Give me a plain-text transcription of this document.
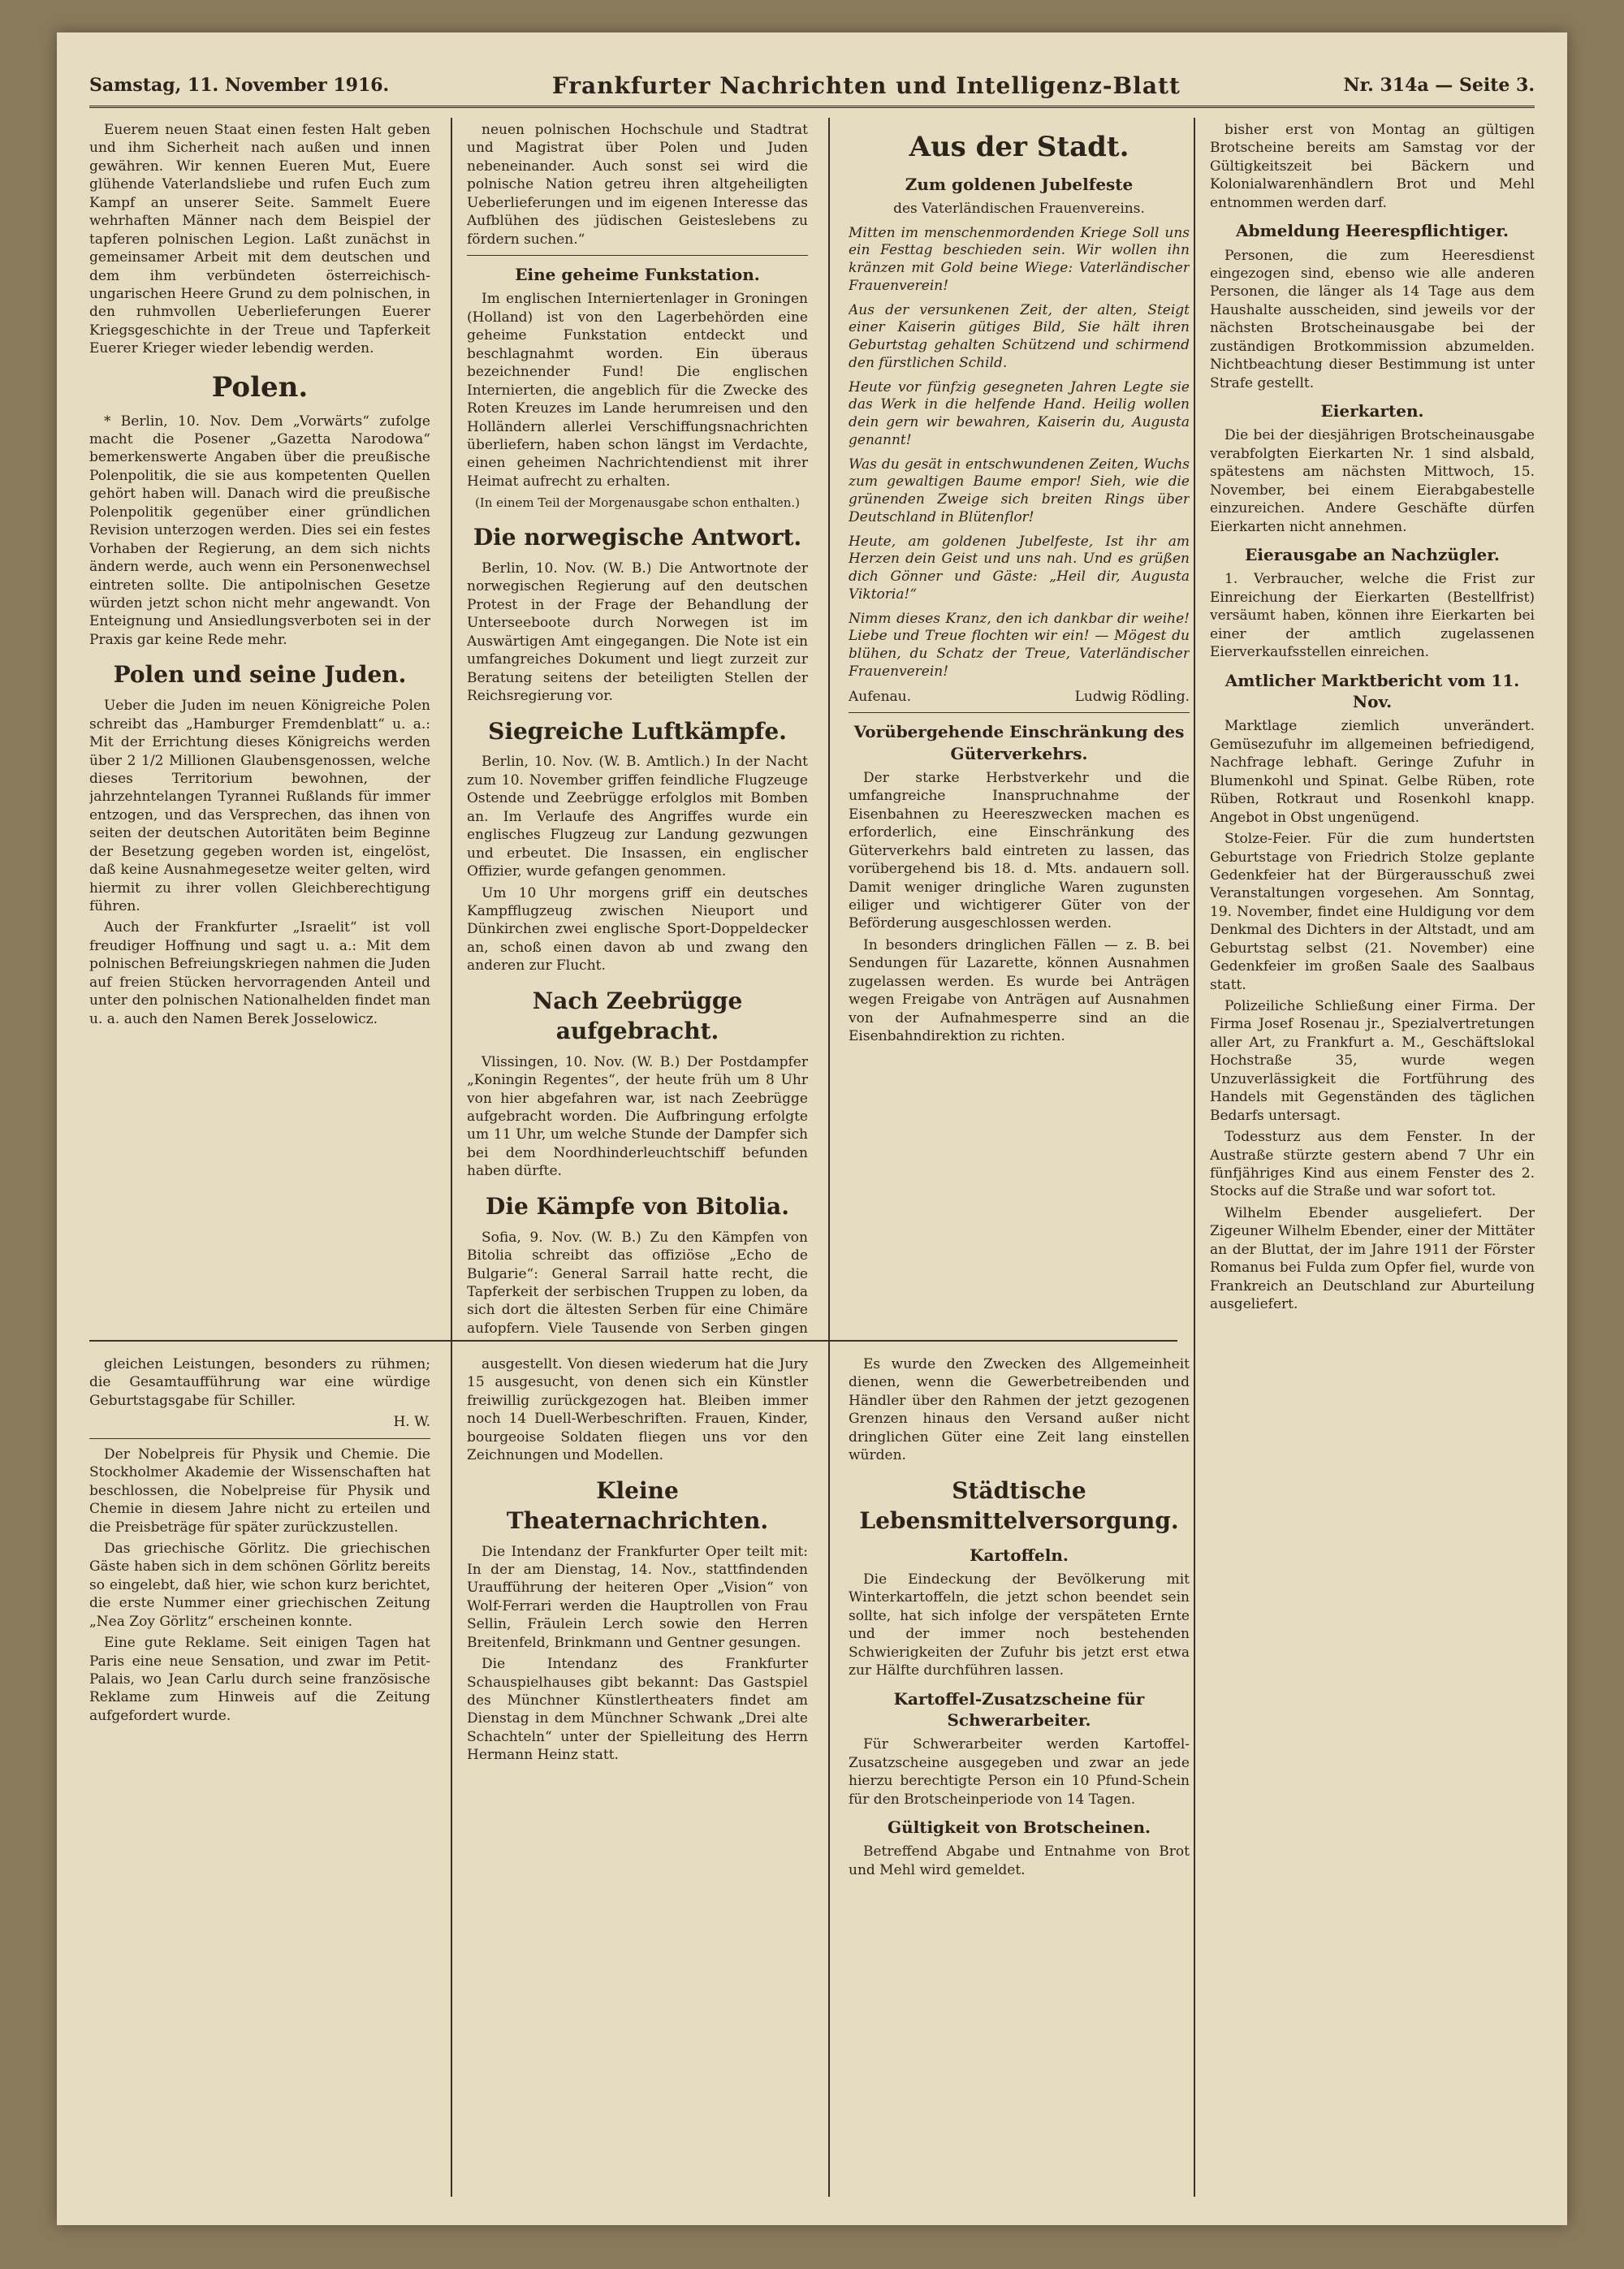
Samstag, 11. November 1916.	Frankfurter Nachrichten und Intelligenz-Blatt	Nr. 314a — Seite 3.

Euerem neuen Staat einen festen Halt geben und ihm Sicherheit nach außen und innen gewähren. Wir kennen Eueren Mut, Euere glühende Vaterlandsliebe und rufen Euch zum Kampf an unserer Seite. Sammelt Euere wehrhaften Männer nach dem Beispiel der tapferen polnischen Legion. Laßt zunächst in gemeinsamer Arbeit mit dem deutschen und dem ihm verbündeten österreichisch-ungarischen Heere Grund zu dem polnischen, in den ruhmvollen Ueberlieferungen Euerer Kriegsgeschichte in der Treue und Tapferkeit Euerer Krieger wieder lebendig werden.

Polen.

* Berlin, 10. Nov. Dem „Vorwärts“ zufolge macht die Posener „Gazetta Narodowa“ bemerkenswerte Angaben über die preußische Polenpolitik, die sie aus kompetenten Quellen gehört haben will. Danach wird die preußische Polenpolitik gegenüber einer gründlichen Revision unterzogen werden. Dies sei ein festes Vorhaben der Regierung, an dem sich nichts ändern werde, auch wenn ein Personenwechsel eintreten sollte. Die antipolnischen Gesetze würden jetzt schon nicht mehr angewandt. Von Enteignung und Ansiedlungsverboten sei in der Praxis gar keine Rede mehr.

Polen und seine Juden.

Ueber die Juden im neuen Königreiche Polen schreibt das „Hamburger Fremdenblatt“ u. a.: Mit der Errichtung dieses Königreichs werden über 2 1/2 Millionen Glaubensgenossen, welche dieses Territorium bewohnen, der jahrzehntelangen Tyrannei Rußlands für immer entzogen, und das Versprechen, das ihnen von seiten der deutschen Autoritäten beim Beginne der Besetzung gegeben worden ist, eingelöst, daß keine Ausnahmegesetze weiter gelten, wird hiermit zu ihrer vollen Gleichberechtigung führen.

Auch der Frankfurter „Israelit“ ist voll freudiger Hoffnung und sagt u. a.: Mit dem polnischen Befreiungskriegen nahmen die Juden auf freien Stücken hervorragenden Anteil und unter den polnischen Nationalhelden findet man u. a. auch den Namen Berek Josselowicz.

neuen polnischen Hochschule und Stadtrat und Magistrat über Polen und Juden nebeneinander. Auch sonst sei wird die polnische Nation getreu ihren altgeheiligten Ueberlieferungen und im eigenen Interesse das Aufblühen des jüdischen Geisteslebens zu fördern suchen.“

Eine geheime Funkstation.

Im englischen Interniertenlager in Groningen (Holland) ist von den Lagerbehörden eine geheime Funkstation entdeckt und beschlagnahmt worden. Ein überaus bezeichnender Fund! Die englischen Internierten, die angeblich für die Zwecke des Roten Kreuzes im Lande herumreisen und den Holländern allerlei Verschiffungsnachrichten überliefern, haben schon längst im Verdachte, einen geheimen Nachrichtendienst mit ihrer Heimat aufrecht zu erhalten.

(In einem Teil der Morgenausgabe schon enthalten.)
Die norwegische Antwort.

Berlin, 10. Nov. (W. B.) Die Antwortnote der norwegischen Regierung auf den deutschen Protest in der Frage der Behandlung der Unterseeboote durch Norwegen ist im Auswärtigen Amt eingegangen. Die Note ist ein umfangreiches Dokument und liegt zurzeit zur Beratung seitens der beteiligten Stellen der Reichsregierung vor.

Siegreiche Luftkämpfe.

Berlin, 10. Nov. (W. B. Amtlich.) In der Nacht zum 10. November griffen feindliche Flugzeuge Ostende und Zeebrügge erfolglos mit Bomben an. Im Verlaufe des Angriffes wurde ein englisches Flugzeug zur Landung gezwungen und erbeutet. Die Insassen, ein englischer Offizier, wurde gefangen genommen.

Um 10 Uhr morgens griff ein deutsches Kampfflugzeug zwischen Nieuport und Dünkirchen zwei englische Sport-Doppeldecker an, schoß einen davon ab und zwang den anderen zur Flucht.

Nach Zeebrügge aufgebracht.

Vlissingen, 10. Nov. (W. B.) Der Postdampfer „Koningin Regentes“, der heute früh um 8 Uhr von hier abgefahren war, ist nach Zeebrügge aufgebracht worden. Die Aufbringung erfolgte um 11 Uhr, um welche Stunde der Dampfer sich bei dem Noordhinderleuchtschiff befunden haben dürfte.

Die Kämpfe von Bitolia.

Sofia, 9. Nov. (W. B.) Zu den Kämpfen von Bitolia schreibt das offiziöse „Echo de Bulgarie“: General Sarrail hatte recht, die Tapferkeit der serbischen Truppen zu loben, da sich dort die ältesten Serben für eine Chimäre aufopfern. Viele Tausende von Serben gingen

Aus der Stadt.
Zum goldenen Jubelfeste
des Vaterländischen Frauenvereins.

Mitten im menschenmordenden Kriege Soll uns ein Festtag beschieden sein. Wir wollen ihn kränzen mit Gold beine Wiege: Vaterländischer Frauenverein!

Aus der versunkenen Zeit, der alten, Steigt einer Kaiserin gütiges Bild, Sie hält ihren Geburtstag gehalten Schützend und schirmend den fürstlichen Schild.

Heute vor fünfzig gesegneten Jahren Legte sie das Werk in die helfende Hand. Heilig wollen dein gern wir bewahren, Kaiserin du, Augusta genannt!

Was du gesät in entschwundenen Zeiten, Wuchs zum gewaltigen Baume empor! Sieh, wie die grünenden Zweige sich breiten Rings über Deutschland in Blütenflor!

Heute, am goldenen Jubelfeste, Ist ihr am Herzen dein Geist und uns nah. Und es grüßen dich Gönner und Gäste: „Heil dir, Augusta Viktoria!“

Nimm dieses Kranz, den ich dankbar dir weihe! Liebe und Treue flochten wir ein! — Mögest du blühen, du Schatz der Treue, Vaterländischer Frauenverein!

Aufenau.	Ludwig Rödling.
Vorübergehende Einschränkung des Güterverkehrs.

Der starke Herbstverkehr und die umfangreiche Inanspruchnahme der Eisenbahnen zu Heereszwecken machen es erforderlich, eine Einschränkung des Güterverkehrs bald eintreten zu lassen, das vorübergehend bis 18. d. Mts. andauern soll. Damit weniger dringliche Waren zugunsten eiliger und wichtigerer Güter von der Beförderung ausgeschlossen werden.

In besonders dringlichen Fällen — z. B. bei Sendungen für Lazarette, können Ausnahmen zugelassen werden. Es wurde bei Anträgen wegen Freigabe von Anträgen auf Ausnahmen von der Aufnahmesperre sind an die Eisenbahndirektion zu richten.

bisher erst von Montag an gültigen Brotscheine bereits am Samstag vor der Gültigkeitszeit bei Bäckern und Kolonialwarenhändlern Brot und Mehl entnommen werden darf.

Abmeldung Heerespflichtiger.

Personen, die zum Heeresdienst eingezogen sind, ebenso wie alle anderen Personen, die länger als 14 Tage aus dem Haushalte ausscheiden, sind jeweils vor der nächsten Brotscheinausgabe bei der zuständigen Brotkommission abzumelden. Nichtbeachtung dieser Bestimmung ist unter Strafe gestellt.

Eierkarten.

Die bei der diesjährigen Brotscheinausgabe verabfolgten Eierkarten Nr. 1 sind alsbald, spätestens am nächsten Mittwoch, 15. November, bei einem Eierabgabestelle einzureichen. Andere Geschäfte dürfen Eierkarten nicht annehmen.

Eierausgabe an Nachzügler.

1. Verbraucher, welche die Frist zur Einreichung der Eierkarten (Bestellfrist) versäumt haben, können ihre Eierkarten bei einer der amtlich zugelassenen Eierverkaufsstellen einreichen.

Amtlicher Marktbericht vom 11. Nov.

Marktlage ziemlich unverändert. Gemüsezufuhr im allgemeinen befriedigend, Nachfrage lebhaft. Geringe Zufuhr in Blumenkohl und Spinat. Gelbe Rüben, rote Rüben, Rotkraut und Rosenkohl knapp. Angebot in Obst ungenügend.

Stolze-Feier. Für die zum hundertsten Geburtstage von Friedrich Stolze geplante Gedenkfeier hat der Bürgerausschuß zwei Veranstaltungen vorgesehen. Am Sonntag, 19. November, findet eine Huldigung vor dem Denkmal des Dichters in der Altstadt, und am Geburtstag selbst (21. November) eine Gedenkfeier im großen Saale des Saalbaus statt.

Polizeiliche Schließung einer Firma. Der Firma Josef Rosenau jr., Spezialvertretungen aller Art, zu Frankfurt a. M., Geschäftslokal Hochstraße 35, wurde wegen Unzuverlässigkeit die Fortführung des Handels mit Gegenständen des täglichen Bedarfs untersagt.

Todessturz aus dem Fenster. In der Austraße stürzte gestern abend 7 Uhr ein fünfjähriges Kind aus einem Fenster des 2. Stocks auf die Straße und war sofort tot.

Wilhelm Ebender ausgeliefert. Der Zigeuner Wilhelm Ebender, einer der Mittäter an der Bluttat, der im Jahre 1911 der Förster Romanus bei Fulda zum Opfer fiel, wurde von Frankreich an Deutschland zur Aburteilung ausgeliefert.

gleichen Leistungen, besonders zu rühmen; die Gesamtaufführung war eine würdige Geburtstagsgabe für Schiller.

H. W.

Der Nobelpreis für Physik und Chemie. Die Stockholmer Akademie der Wissenschaften hat beschlossen, die Nobelpreise für Physik und Chemie in diesem Jahre nicht zu erteilen und die Preisbeträge für später zurückzustellen.

Das griechische Görlitz. Die griechischen Gäste haben sich in dem schönen Görlitz bereits so eingelebt, daß hier, wie schon kurz berichtet, die erste Nummer einer griechischen Zeitung „Nea Zoy Görlitz“ erscheinen konnte.

Eine gute Reklame. Seit einigen Tagen hat Paris eine neue Sensation, und zwar im Petit-Palais, wo Jean Carlu durch seine französische Reklame zum Hinweis auf die Zeitung aufgefordert wurde.

ausgestellt. Von diesen wiederum hat die Jury 15 ausgesucht, von denen sich ein Künstler freiwillig zurückgezogen hat. Bleiben immer noch 14 Duell-Werbeschriften. Frauen, Kinder, bourgeoise Soldaten fliegen uns vor den Zeichnungen und Modellen.

Kleine Theaternachrichten.

Die Intendanz der Frankfurter Oper teilt mit: In der am Dienstag, 14. Nov., stattfindenden Uraufführung der heiteren Oper „Vision“ von Wolf-Ferrari werden die Hauptrollen von Frau Sellin, Fräulein Lerch sowie den Herren Breitenfeld, Brinkmann und Gentner gesungen.

Die Intendanz des Frankfurter Schauspielhauses gibt bekannt: Das Gastspiel des Münchner Künstlertheaters findet am Dienstag in dem Münchner Schwank „Drei alte Schachteln“ unter der Spielleitung des Herrn Hermann Heinz statt.

Es wurde den Zwecken des Allgemeinheit dienen, wenn die Gewerbetreibenden und Händler über den Rahmen der jetzt gezogenen Grenzen hinaus den Versand außer nicht dringlichen Güter eine Zeit lang einstellen würden.

Städtische Lebensmittelversorgung.
Kartoffeln.

Die Eindeckung der Bevölkerung mit Winterkartoffeln, die jetzt schon beendet sein sollte, hat sich infolge der verspäteten Ernte und der immer noch bestehenden Schwierigkeiten der Zufuhr bis jetzt erst etwa zur Hälfte durchführen lassen.

Kartoffel-Zusatzscheine für Schwerarbeiter.

Für Schwerarbeiter werden Kartoffel-Zusatzscheine ausgegeben und zwar an jede hierzu berechtigte Person ein 10 Pfund-Schein für den Brotscheinperiode von 14 Tagen.

Gültigkeit von Brotscheinen.

Betreffend Abgabe und Entnahme von Brot und Mehl wird gemeldet.
